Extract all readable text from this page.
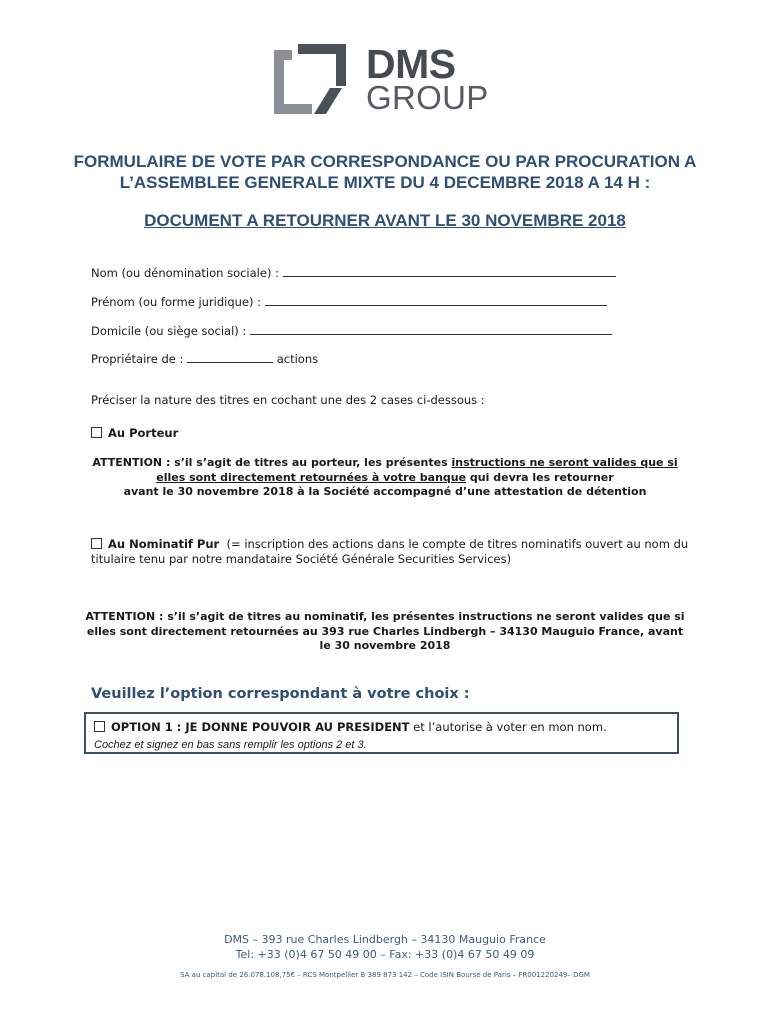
DMS
GROUP
FORMULAIRE DE VOTE PAR CORRESPONDANCE OU PAR PROCURATION A
L’ASSEMBLEE GENERALE MIXTE DU 4 DECEMBRE 2018 A 14 H :
DOCUMENT A RETOURNER AVANT LE 30 NOVEMBRE 2018
Nom (ou dénomination sociale) :
Prénom (ou forme juridique) :
Domicile (ou siège social) :
Propriétaire de :	actions
Préciser la nature des titres en cochant une des 2 cases ci-dessous :
Au Porteur
ATTENTION : s’il s’agit de titres au porteur, les présentes instructions ne seront valides que si
elles sont directement retournées à votre banque qui devra les retourner
avant le 30 novembre 2018 à la Société accompagné d’une attestation de détention
Au Nominatif Pur (= inscription des actions dans le compte de titres nominatifs ouvert au nom du
titulaire tenu par notre mandataire Société Générale Securities Services)
ATTENTION : s’il s’agit de titres au nominatif, les présentes instructions ne seront valides que si
elles sont directement retournées au 393 rue Charles Lindbergh – 34130 Mauguio France, avant
le 30 novembre 2018
Veuillez l’option correspondant à votre choix :
OPTION 1 : JE DONNE POUVOIR AU PRESIDENT et l’autorise à voter en mon nom.
Cochez et signez en bas sans remplir les options 2 et 3.
DMS – 393 rue Charles Lindbergh – 34130 Mauguio France
Tel: +33 (0)4 67 50 49 00 – Fax: +33 (0)4 67 50 49 09
SA au capital de 26.078.108,75€ – RCS Montpellier B 389 873 142 – Code ISIN Bourse de Paris – FR001220249– DGM
